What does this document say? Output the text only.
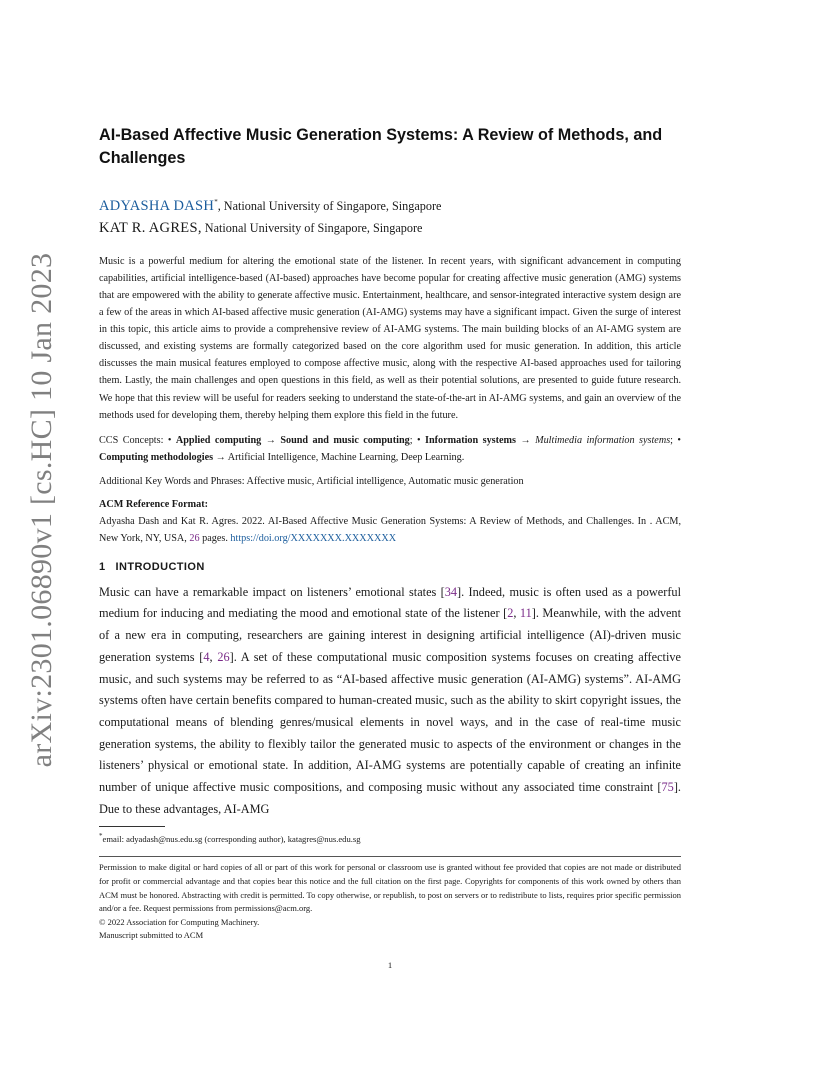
arXiv:2301.06890v1 [cs.HC] 10 Jan 2023
AI-Based Affective Music Generation Systems: A Review of Methods, and Challenges
ADYASHA DASH*, National University of Singapore, Singapore
KAT R. AGRES, National University of Singapore, Singapore

Music is a powerful medium for altering the emotional state of the listener. In recent years, with significant advancement in computing capabilities, artificial intelligence-based (AI-based) approaches have become popular for creating affective music generation (AMG) systems that are empowered with the ability to generate affective music. Entertainment, healthcare, and sensor-integrated interactive system design are a few of the areas in which AI-based affective music generation (AI-AMG) systems may have a significant impact. Given the surge of interest in this topic, this article aims to provide a comprehensive review of AI-AMG systems. The main building blocks of an AI-AMG system are discussed, and existing systems are formally categorized based on the core algorithm used for music generation. In addition, this article discusses the main musical features employed to compose affective music, along with the respective AI-based approaches used for tailoring them. Lastly, the main challenges and open questions in this field, as well as their potential solutions, are presented to guide future research. We hope that this review will be useful for readers seeking to understand the state-of-the-art in AI-AMG systems, and gain an overview of the methods used for developing them, thereby helping them explore this field in the future.

CCS Concepts: • Applied computing → Sound and music computing; • Information systems → Multimedia information systems; • Computing methodologies → Artificial Intelligence, Machine Learning, Deep Learning.
Additional Key Words and Phrases: Affective music, Artificial intelligence, Automatic music generation
ACM Reference Format:
Adyasha Dash and Kat R. Agres. 2022. AI-Based Affective Music Generation Systems: A Review of Methods, and Challenges. In . ACM, New York, NY, USA, 26 pages. https://doi.org/XXXXXXX.XXXXXXX
1 INTRODUCTION

Music can have a remarkable impact on listeners’ emotional states [34]. Indeed, music is often used as a powerful medium for inducing and mediating the mood and emotional state of the listener [2, 11]. Meanwhile, with the advent of a new era in computing, researchers are gaining interest in designing artificial intelligence (AI)-driven music generation systems [4, 26]. A set of these computational music composition systems focuses on creating affective music, and such systems may be referred to as “AI-based affective music generation (AI-AMG) systems”. AI-AMG systems often have certain benefits compared to human-created music, such as the ability to skirt copyright issues, the computational means of blending genres/musical elements in novel ways, and in the case of real-time music generation systems, the ability to flexibly tailor the generated music to aspects of the environment or changes in the listeners’ physical or emotional state. In addition, AI-AMG systems are potentially capable of creating an infinite number of unique affective music compositions, and composing music without any associated time constraint [75]. Due to these advantages, AI-AMG

*email: adyadash@nus.edu.sg (corresponding author), katagres@nus.edu.sg
Permission to make digital or hard copies of all or part of this work for personal or classroom use is granted without fee provided that copies are not made or distributed for profit or commercial advantage and that copies bear this notice and the full citation on the first page. Copyrights for components of this work owned by others than ACM must be honored. Abstracting with credit is permitted. To copy otherwise, or republish, to post on servers or to redistribute to lists, requires prior specific permission and/or a fee. Request permissions from permissions@acm.org.
© 2022 Association for Computing Machinery.
Manuscript submitted to ACM
1
